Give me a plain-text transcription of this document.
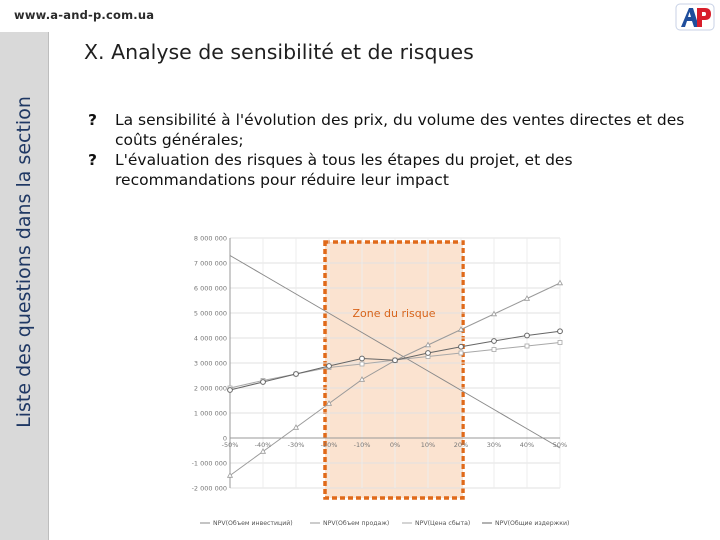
www.a-and-p.com.ua
Liste des questions dans la section
X. Analyse de sensibilité et de risques
? La sensibilité à l'évolution des prix, du volume des ventes directes et des coûts générales;
? L'évaluation des risques à tous les étapes du projet, et des recommandations pour réduire leur impact
8 000 000
7 000 000
6 000 000
5 000 000
4 000 000
3 000 000
2 000 000
1 000 000
0
-1 000 000
-2 000 000
-50% -40% -30% -20% -10%	0%	10%	20%	30%	40%	50%
Zone du risque
NPV(Объем инвестиций)	NPV(Объем продаж)	NPV(Цена сбыта)	NPV(Общие издержки)
